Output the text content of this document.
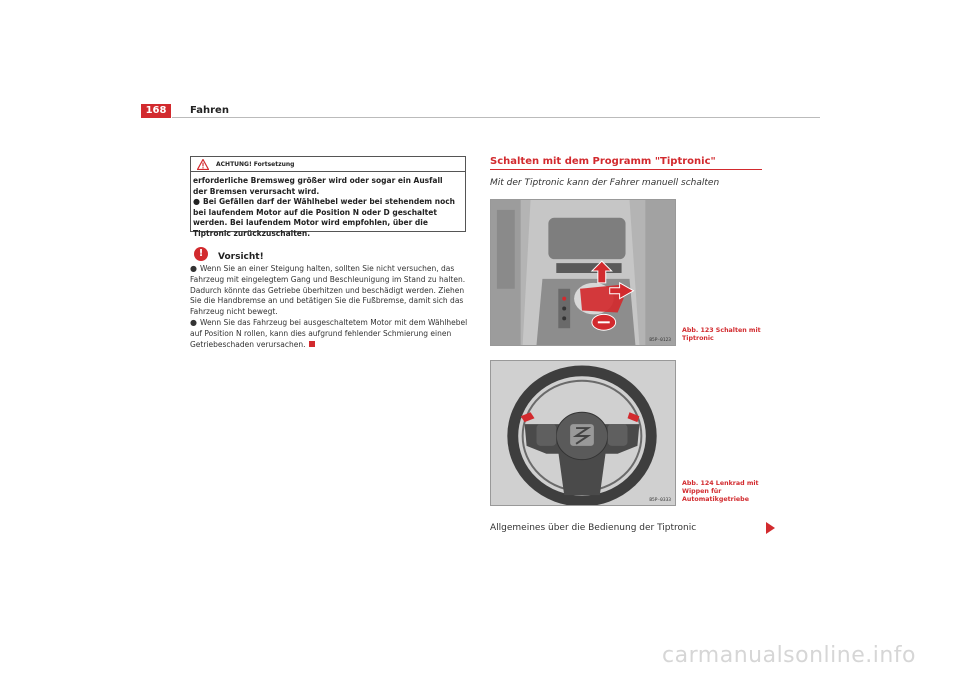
168	Fahren
ACHTUNG! Fortsetzung

erforderliche Bremsweg größer wird oder sogar ein Ausfall der Bremsen verursacht wird.

● Bei Gefällen darf der Wählhebel weder bei stehendem noch bei laufendem Motor auf die Position N oder D geschaltet werden. Bei laufendem Motor wird empfohlen, über die Tiptronic zurückzuschalten.

!	Vorsicht!

● Wenn Sie an einer Steigung halten, sollten Sie nicht versuchen, das Fahrzeug mit eingelegtem Gang und Beschleunigung im Stand zu halten. Dadurch könnte das Getriebe überhitzen und beschädigt werden. Ziehen Sie die Handbremse an und betätigen Sie die Fußbremse, damit sich das Fahrzeug nicht bewegt.

● Wenn Sie das Fahrzeug bei ausgeschaltetem Motor mit dem Wählhebel auf Position N rollen, kann dies aufgrund fehlender Schmierung einen Getriebeschaden verursachen.

Schalten mit dem Programm "Tiptronic"
Mit der Tiptronic kann der Fahrer manuell schalten
B5P-0123
Abb. 123 Schalten mit Tiptronic
B5P-0333
Abb. 124 Lenkrad mit Wippen für Automatikgetriebe
Allgemeines über die Bedienung der Tiptronic
carmanualsonline.info
